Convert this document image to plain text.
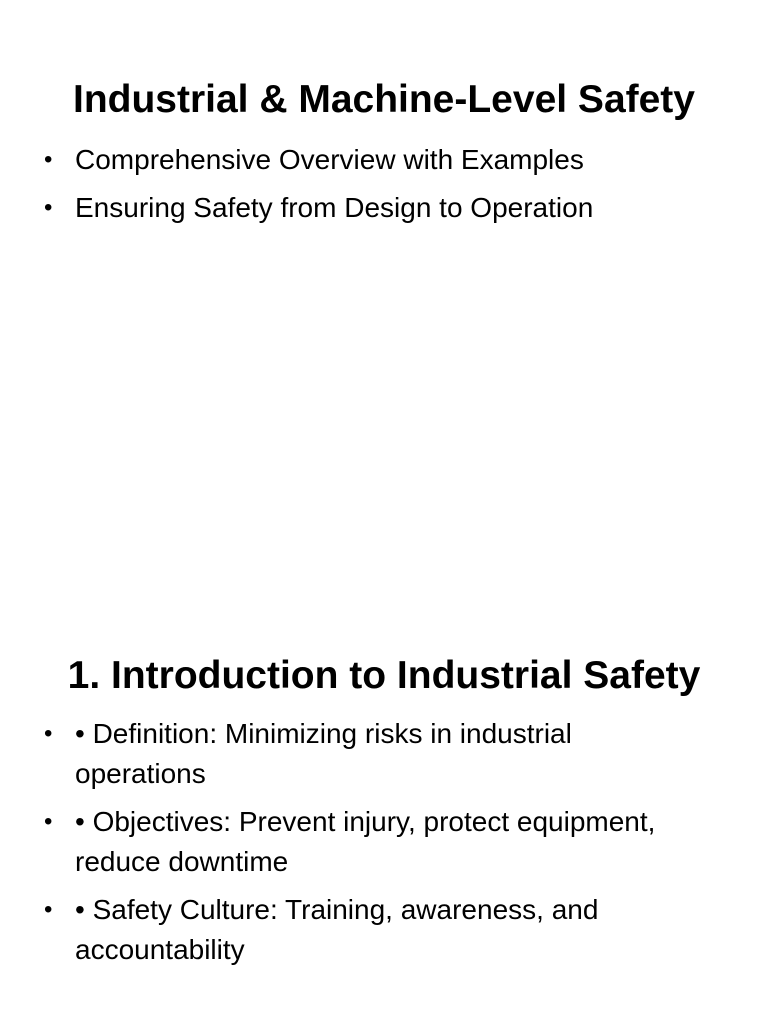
Industrial & Machine-Level Safety
• Comprehensive Overview with Examples
• Ensuring Safety from Design to Operation
1. Introduction to Industrial Safety
• • Definition: Minimizing risks in industrial operations
• • Objectives: Prevent injury, protect equipment, reduce downtime
• • Safety Culture: Training, awareness, and accountability
